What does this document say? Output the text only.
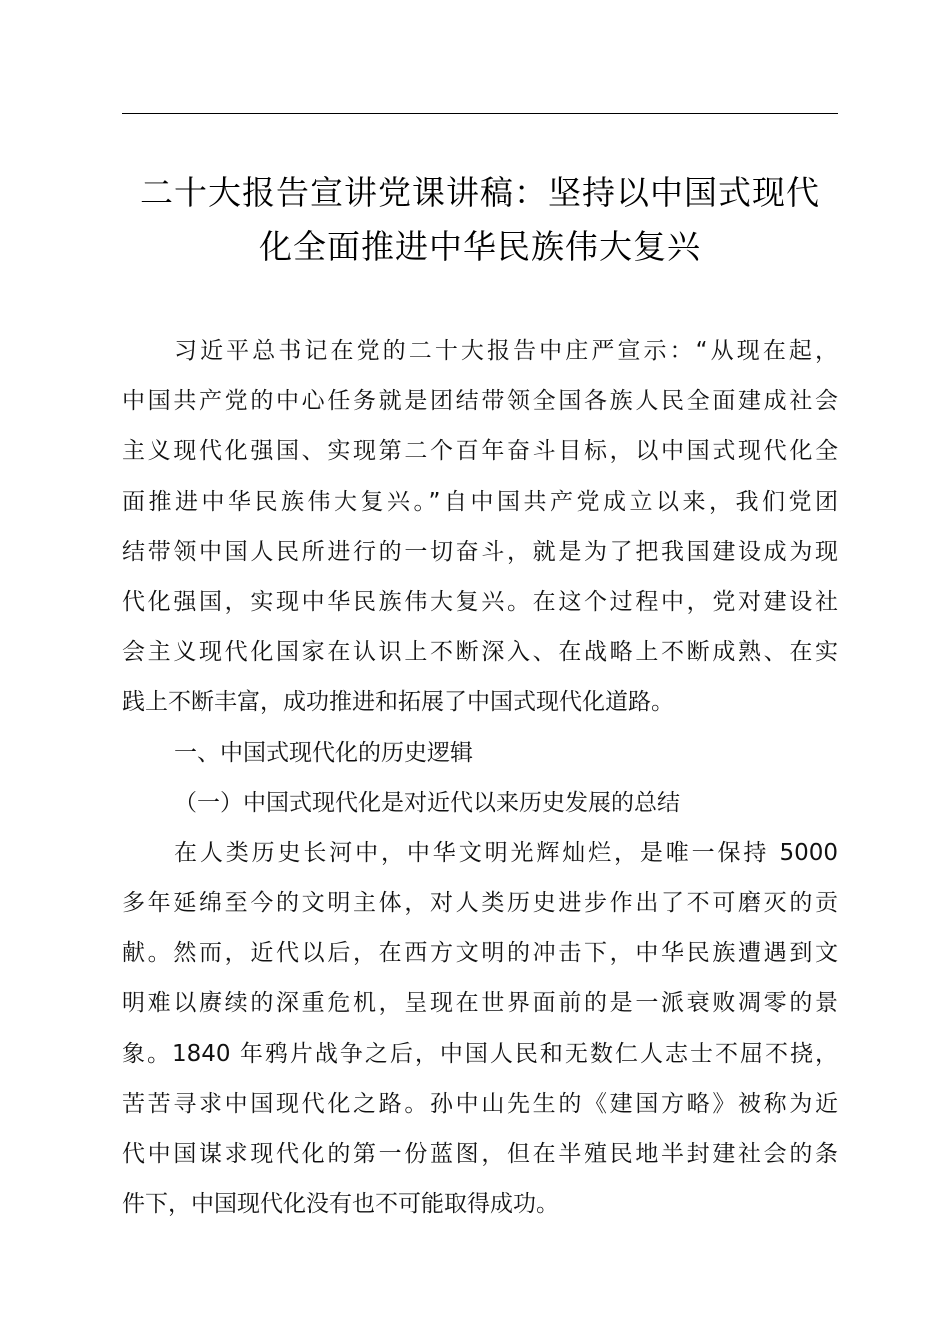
二十大报告宣讲党课讲稿：坚持以中国式现代
化全面推进中华民族伟大复兴
习近平总书记在党的二十大报告中庄严宣示：“从现在起，
中国共产党的中心任务就是团结带领全国各族人民全面建成社会
主义现代化强国、实现第二个百年奋斗目标，以中国式现代化全
面推进中华民族伟大复兴。”自中国共产党成立以来，我们党团
结带领中国人民所进行的一切奋斗，就是为了把我国建设成为现
代化强国，实现中华民族伟大复兴。在这个过程中，党对建设社
会主义现代化国家在认识上不断深入、在战略上不断成熟、在实
践上不断丰富，成功推进和拓展了中国式现代化道路。
一、中国式现代化的历史逻辑
（一）中国式现代化是对近代以来历史发展的总结
在人类历史长河中，中华文明光辉灿烂，是唯一保持 5000
多年延绵至今的文明主体，对人类历史进步作出了不可磨灭的贡
献。然而，近代以后，在西方文明的冲击下，中华民族遭遇到文
明难以赓续的深重危机，呈现在世界面前的是一派衰败凋零的景
象。1840 年鸦片战争之后，中国人民和无数仁人志士不屈不挠，
苦苦寻求中国现代化之路。孙中山先生的《建国方略》被称为近
代中国谋求现代化的第一份蓝图，但在半殖民地半封建社会的条
件下，中国现代化没有也不可能取得成功。
